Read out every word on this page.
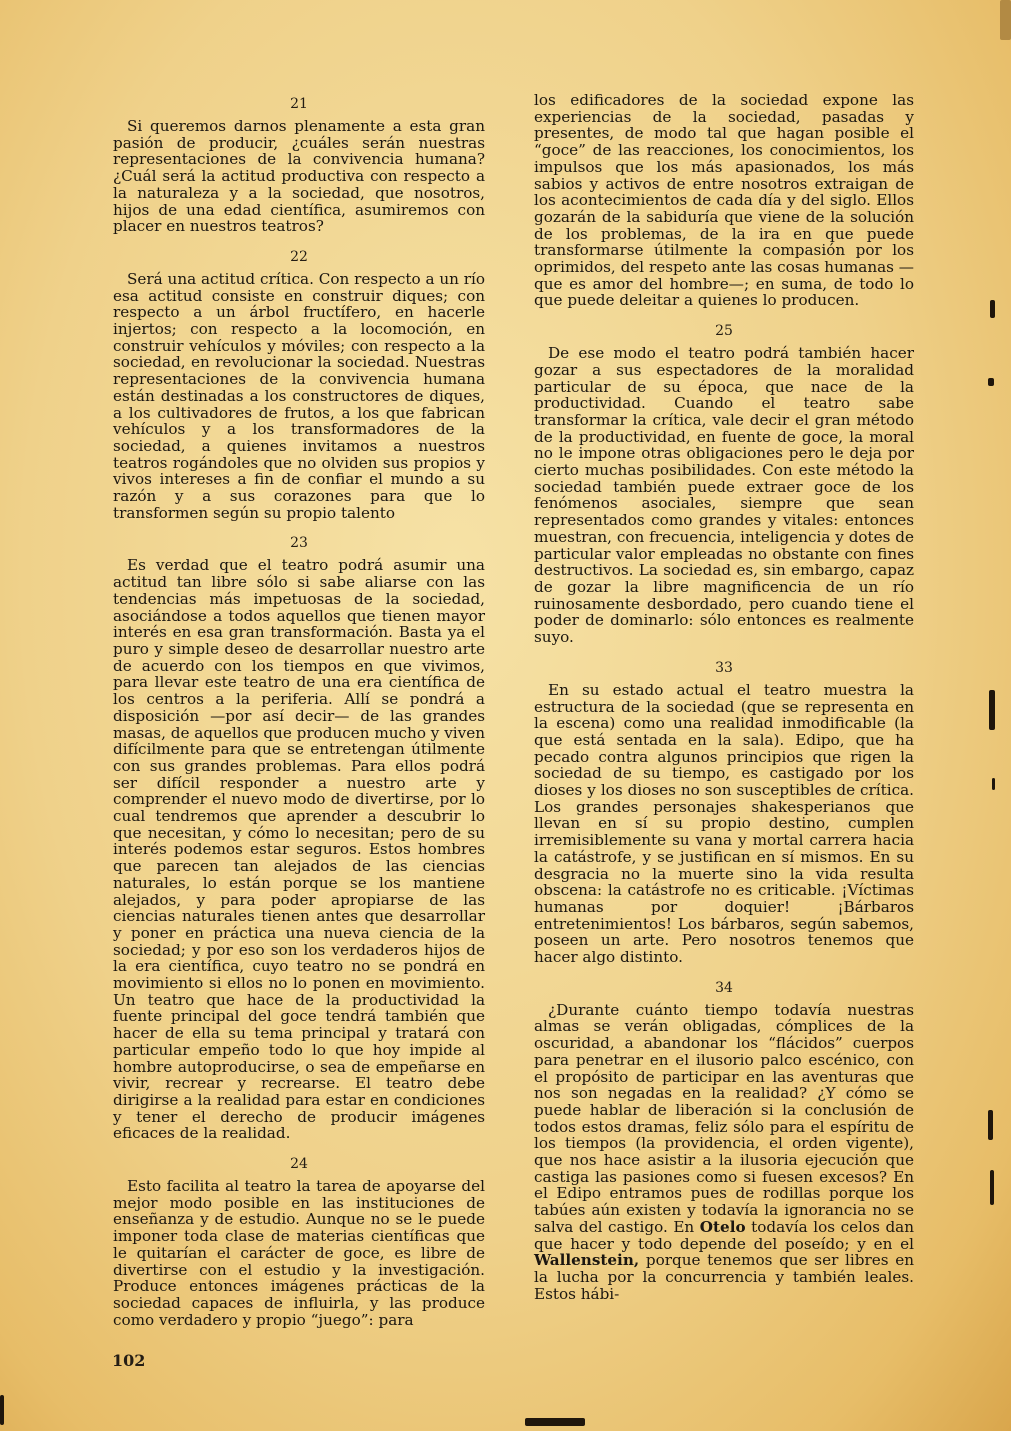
21

Si queremos darnos plenamente a esta gran pasión de producir, ¿cuáles serán nuestras representaciones de la convivencia humana? ¿Cuál será la actitud productiva con respecto a la naturaleza y a la sociedad, que nosotros, hijos de una edad científica, asumiremos con placer en nuestros teatros?

22

Será una actitud crítica. Con respecto a un río esa actitud consiste en construir diques; con respecto a un árbol fructífero, en hacerle injertos; con respecto a la locomoción, en construir vehículos y móviles; con respecto a la sociedad, en revolucionar la sociedad. Nuestras representaciones de la convivencia humana están destinadas a los constructores de diques, a los cultivadores de frutos, a los que fabrican vehículos y a los transformadores de la sociedad, a quienes invitamos a nuestros teatros rogándoles que no olviden sus propios y vivos intereses a fin de confiar el mundo a su razón y a sus corazones para que lo transformen según su propio talento

23

Es verdad que el teatro podrá asumir una actitud tan libre sólo si sabe aliarse con las tendencias más impetuosas de la sociedad, asociándose a todos aquellos que tienen mayor interés en esa gran transformación. Basta ya el puro y simple deseo de desarrollar nuestro arte de acuerdo con los tiempos en que vivimos, para llevar este teatro de una era científica de los centros a la periferia. Allí se pondrá a disposición —por así decir— de las grandes masas, de aquellos que producen mucho y viven difícilmente para que se entretengan útilmente con sus grandes problemas. Para ellos podrá ser difícil responder a nuestro arte y comprender el nuevo modo de divertirse, por lo cual tendremos que aprender a descubrir lo que necesitan, y cómo lo necesitan; pero de su interés podemos estar seguros. Estos hombres que parecen tan alejados de las ciencias naturales, lo están porque se los mantiene alejados, y para poder apropiarse de las ciencias naturales tienen antes que desarrollar y poner en práctica una nueva ciencia de la sociedad; y por eso son los verdaderos hijos de la era científica, cuyo teatro no se pondrá en movimiento si ellos no lo ponen en movimiento. Un teatro que hace de la productividad la fuente principal del goce tendrá también que hacer de ella su tema principal y tratará con particular empeño todo lo que hoy impide al hombre autoproducirse, o sea de empeñarse en vivir, recrear y recrearse. El teatro debe dirigirse a la realidad para estar en condiciones y tener el derecho de producir imágenes eficaces de la realidad.

24

Esto facilita al teatro la tarea de apoyarse del mejor modo posible en las instituciones de enseñanza y de estudio. Aunque no se le puede imponer toda clase de materias científicas que le quitarían el carácter de goce, es libre de divertirse con el estudio y la investigación. Produce entonces imágenes prácticas de la sociedad capaces de influirla, y las produce como verdadero y propio “juego”: para

los edificadores de la sociedad expone las experiencias de la sociedad, pasadas y presentes, de modo tal que hagan posible el “goce” de las reacciones, los conocimientos, los impulsos que los más apasionados, los más sabios y activos de entre nosotros extraigan de los acontecimientos de cada día y del siglo. Ellos gozarán de la sabiduría que viene de la solución de los problemas, de la ira en que puede transformarse útilmente la compasión por los oprimidos, del respeto ante las cosas humanas —que es amor del hombre—; en suma, de todo lo que puede deleitar a quienes lo producen.

25

De ese modo el teatro podrá también hacer gozar a sus espectadores de la moralidad particular de su época, que nace de la productividad. Cuando el teatro sabe transformar la crítica, vale decir el gran método de la productividad, en fuente de goce, la moral no le impone otras obligaciones pero le deja por cierto muchas posibilidades. Con este método la sociedad también puede extraer goce de los fenómenos asociales, siempre que sean representados como grandes y vitales: entonces muestran, con frecuencia, inteligencia y dotes de particular valor empleadas no obstante con fines destructivos. La sociedad es, sin embargo, capaz de gozar la libre magnificencia de un río ruinosamente desbordado, pero cuando tiene el poder de dominarlo: sólo entonces es realmente suyo.

33

En su estado actual el teatro muestra la estructura de la sociedad (que se representa en la escena) como una realidad inmodificable (la que está sentada en la sala). Edipo, que ha pecado contra algunos principios que rigen la sociedad de su tiempo, es castigado por los dioses y los dioses no son susceptibles de crítica. Los grandes personajes shakesperianos que llevan en sí su propio destino, cumplen irremisiblemente su vana y mortal carrera hacia la catástrofe, y se justifican en sí mismos. En su desgracia no la muerte sino la vida resulta obscena: la catástrofe no es criticable. ¡Víctimas humanas por doquier! ¡Bárbaros entretenimientos! Los bárbaros, según sabemos, poseen un arte. Pero nosotros tenemos que hacer algo distinto.

34

¿Durante cuánto tiempo todavía nuestras almas se verán obligadas, cómplices de la oscuridad, a abandonar los “flácidos” cuerpos para penetrar en el ilusorio palco escénico, con el propósito de participar en las aventuras que nos son negadas en la realidad? ¿Y cómo se puede hablar de liberación si la conclusión de todos estos dramas, feliz sólo para el espíritu de los tiempos (la providencia, el orden vigente), que nos hace asistir a la ilusoria ejecución que castiga las pasiones como si fuesen excesos? En el Edipo entramos pues de rodillas porque los tabúes aún existen y todavía la ignorancia no se salva del castigo. En Otelo todavía los celos dan que hacer y todo depende del poseído; y en el Wallenstein, porque tenemos que ser libres en la lucha por la concurrencia y también leales. Estos hábi-

102
